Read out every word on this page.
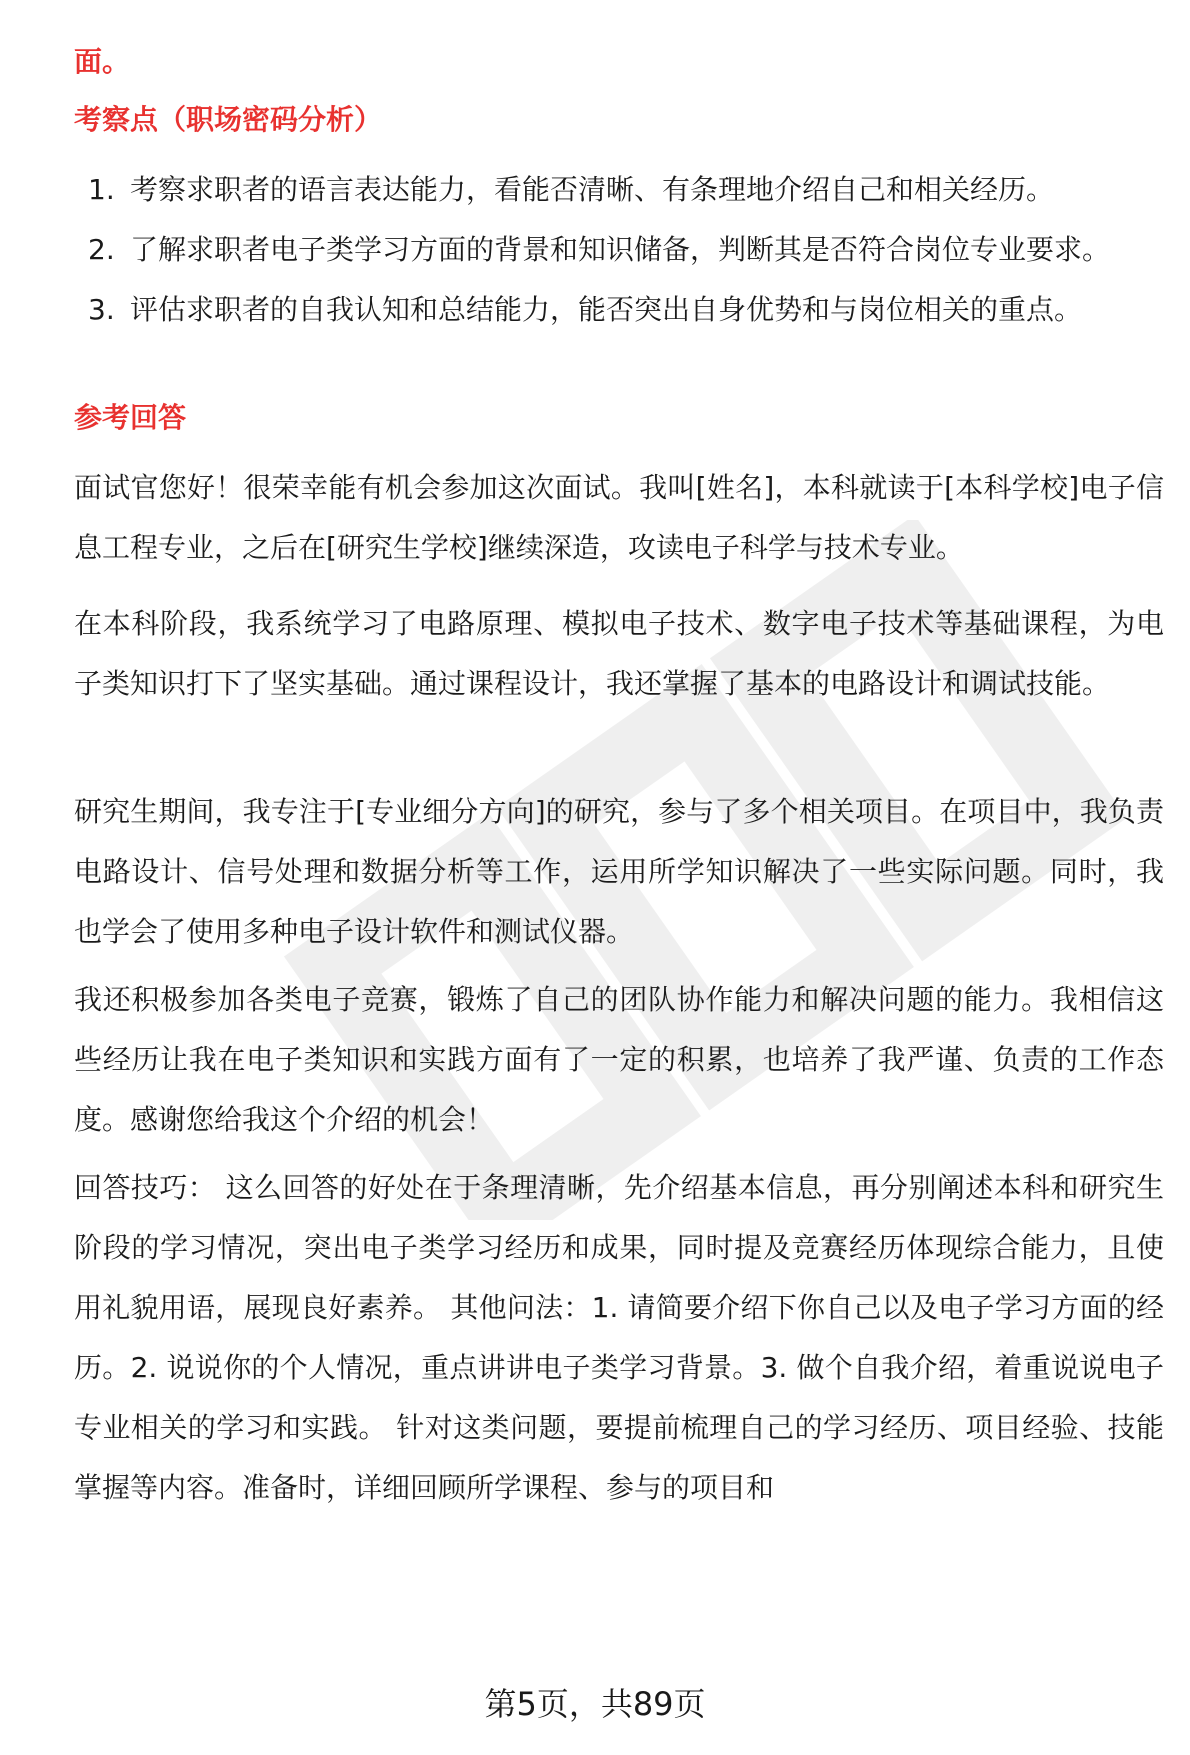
面。
考察点（职场密码分析）
1. 考察求职者的语言表达能力，看能否清晰、有条理地介绍自己和相关经历。
2. 了解求职者电子类学习方面的背景和知识储备，判断其是否符合岗位专业要求。
3. 评估求职者的自我认知和总结能力，能否突出自身优势和与岗位相关的重点。
参考回答

面试官您好！很荣幸能有机会参加这次面试。我叫[姓名]，本科就读于[本科学校]电子信息工程专业，之后在[研究生学校]继续深造，攻读电子科学与技术专业。

在本科阶段，我系统学习了电路原理、模拟电子技术、数字电子技术等基础课程，为电子类知识打下了坚实基础。通过课程设计，我还掌握了基本的电路设计和调试技能。

研究生期间，我专注于[专业细分方向]的研究，参与了多个相关项目。在项目中，我负责电路设计、信号处理和数据分析等工作，运用所学知识解决了一些实际问题。同时，我也学会了使用多种电子设计软件和测试仪器。

我还积极参加各类电子竞赛，锻炼了自己的团队协作能力和解决问题的能力。我相信这些经历让我在电子类知识和实践方面有了一定的积累，也培养了我严谨、负责的工作态度。感谢您给我这个介绍的机会！

回答技巧： 这么回答的好处在于条理清晰，先介绍基本信息，再分别阐述本科和研究生阶段的学习情况，突出电子类学习经历和成果，同时提及竞赛经历体现综合能力，且使用礼貌用语，展现良好素养。 其他问法：1. 请简要介绍下你自己以及电子学习方面的经历。2. 说说你的个人情况，重点讲讲电子类学习背景。3. 做个自我介绍，着重说说电子专业相关的学习和实践。 针对这类问题，要提前梳理自己的学习经历、项目经验、技能掌握等内容。准备时，详细回顾所学课程、参与的项目和

第5页，共89页
